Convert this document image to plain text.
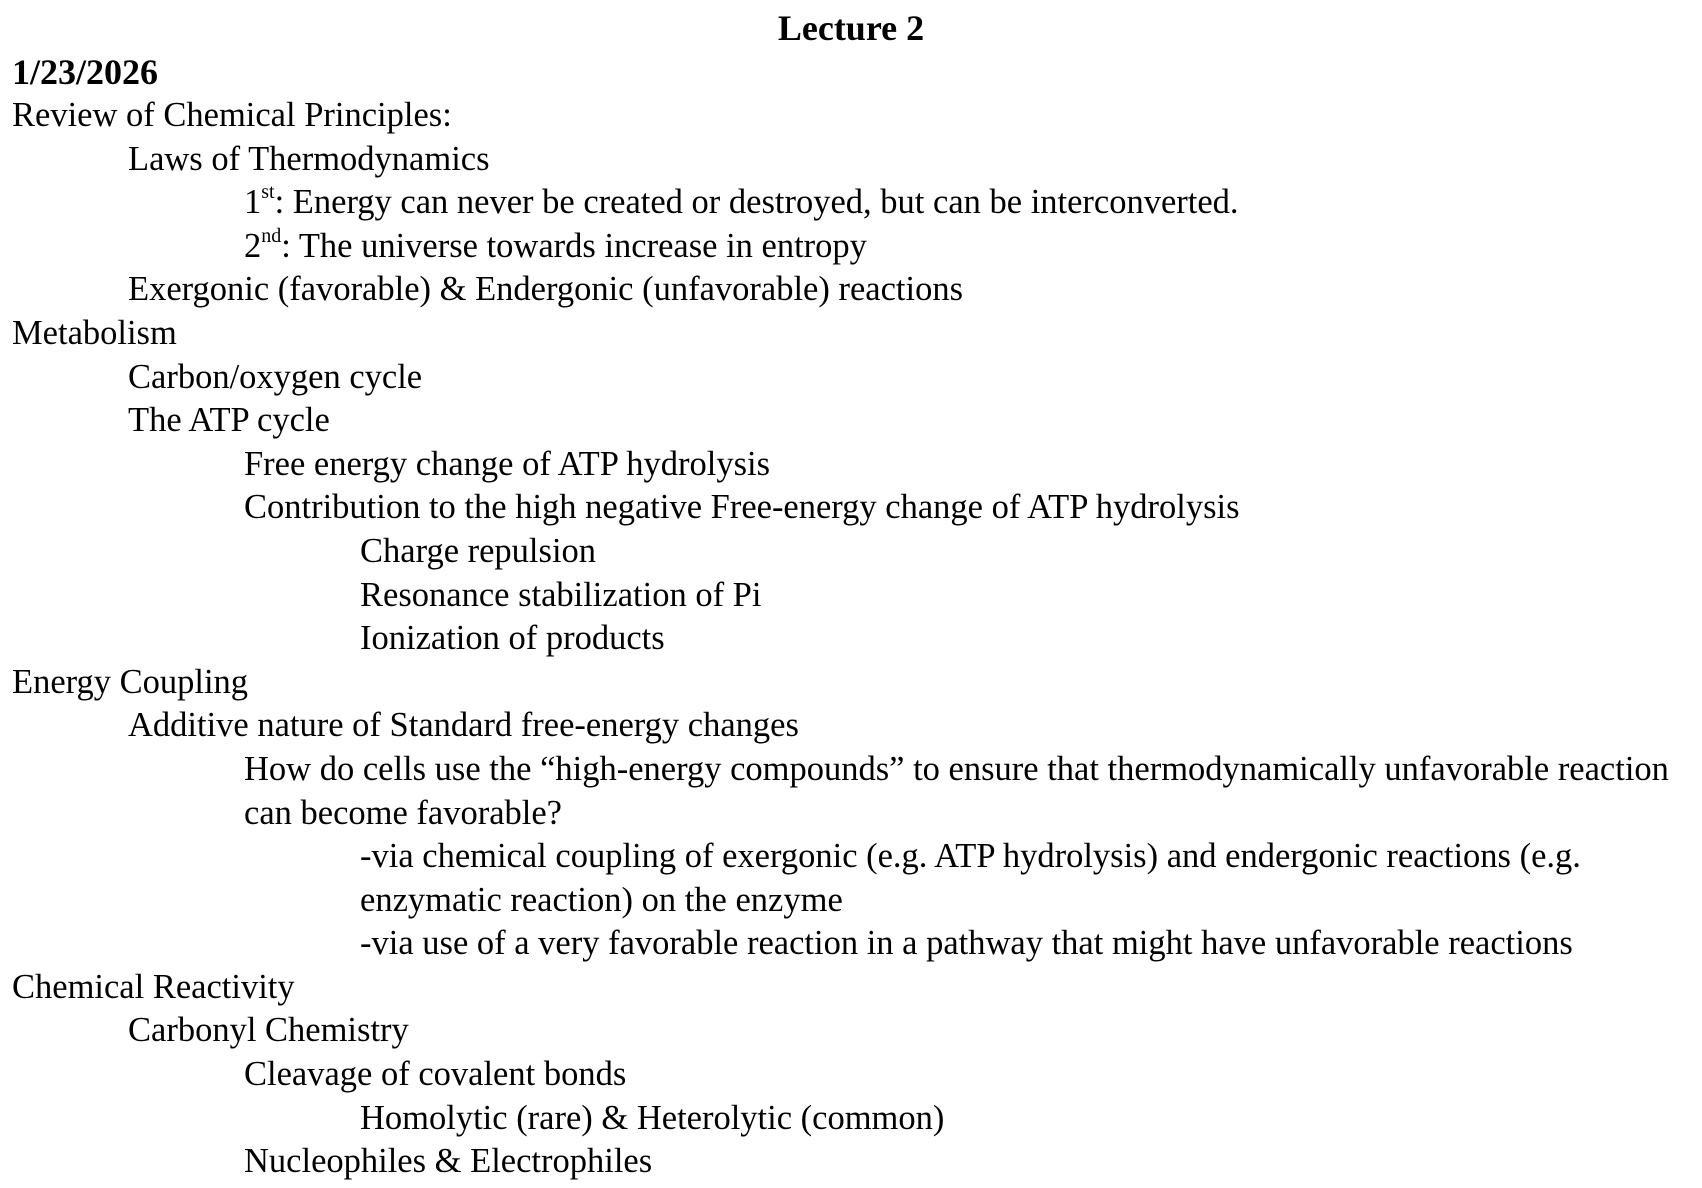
Lecture 2
1/23/2026
Review of Chemical Principles:
Laws of Thermodynamics
1st: Energy can never be created or destroyed, but can be interconverted.
2nd: The universe towards increase in entropy
Exergonic (favorable) & Endergonic (unfavorable) reactions
Metabolism
Carbon/oxygen cycle
The ATP cycle
Free energy change of ATP hydrolysis
Contribution to the high negative Free-energy change of ATP hydrolysis
Charge repulsion
Resonance stabilization of Pi
Ionization of products
Energy Coupling
Additive nature of Standard free-energy changes
How do cells use the “high-energy compounds” to ensure that thermodynamically unfavorable reaction can become favorable?
-via chemical coupling of exergonic (e.g. ATP hydrolysis) and endergonic reactions (e.g. enzymatic reaction) on the enzyme
-via use of a very favorable reaction in a pathway that might have unfavorable reactions
Chemical Reactivity
Carbonyl Chemistry
Cleavage of covalent bonds
Homolytic (rare) & Heterolytic (common)
Nucleophiles & Electrophiles
